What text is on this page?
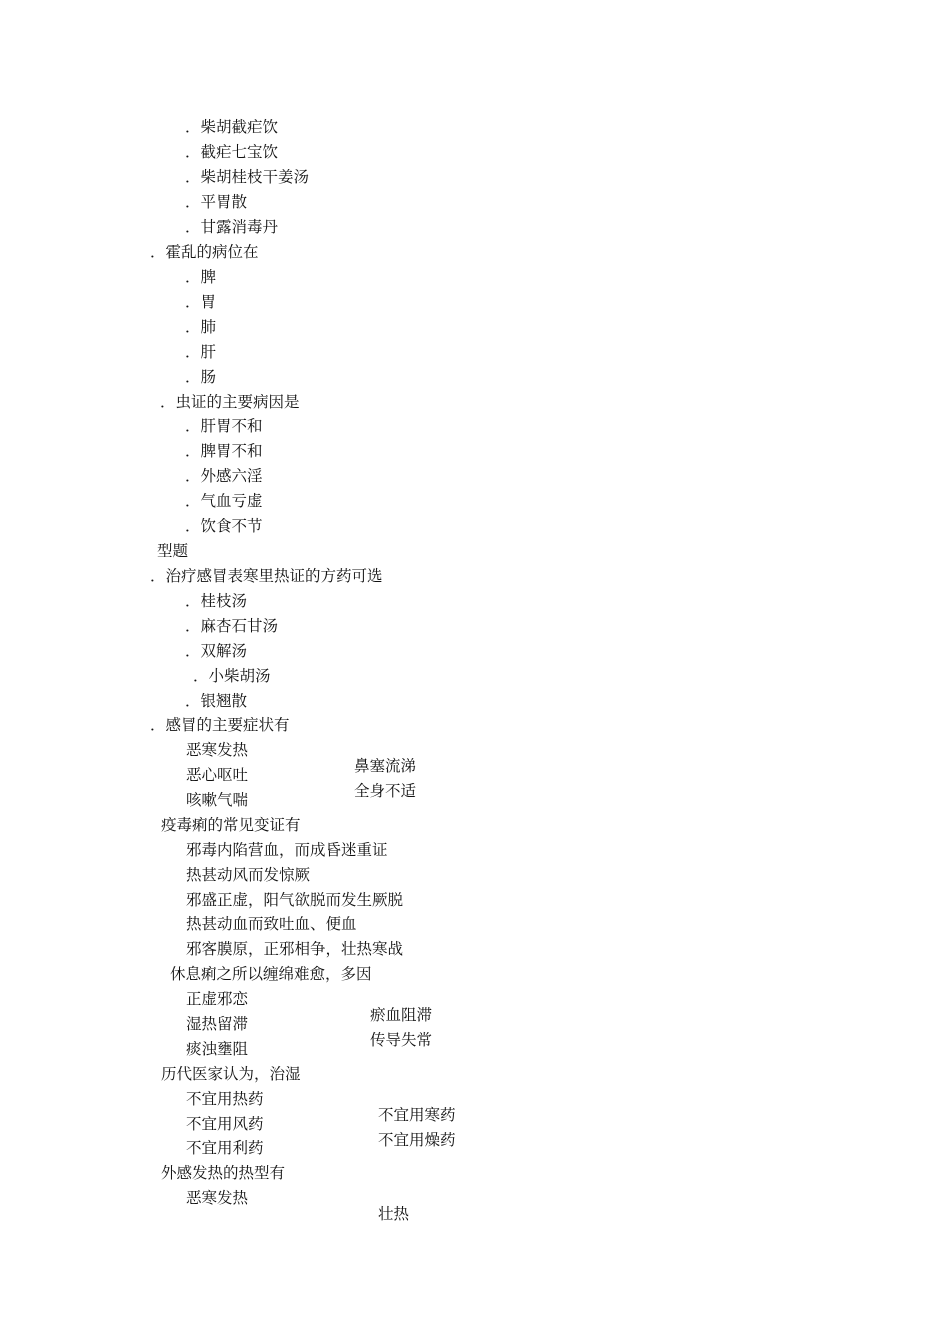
．柴胡截疟饮

．截疟七宝饮

．柴胡桂枝干姜汤

．平胃散

．甘露消毒丹

．霍乱的病位在

．脾

．胃

．肺

．肝

．肠

．虫证的主要病因是

．肝胃不和

．脾胃不和

．外感六淫

．气血亏虚

．饮食不节

型题

．治疗感冒表寒里热证的方药可选

．桂枝汤

．麻杏石甘汤

．双解汤

．小柴胡汤

．银翘散

．感冒的主要症状有

恶寒发热

鼻塞流涕

恶心呕吐

全身不适

咳嗽气喘

疫毒痢的常见变证有

邪毒内陷营血，而成昏迷重证

热甚动风而发惊厥

邪盛正虚，阳气欲脱而发生厥脱

热甚动血而致吐血、便血

邪客膜原，正邪相争，壮热寒战

休息痢之所以缠绵难愈，多因

正虚邪恋

瘀血阻滞

湿热留滞

传导失常

痰浊壅阻

历代医家认为，治湿

不宜用热药

不宜用寒药

不宜用风药

不宜用燥药

不宜用利药

外感发热的热型有

恶寒发热

壮热
